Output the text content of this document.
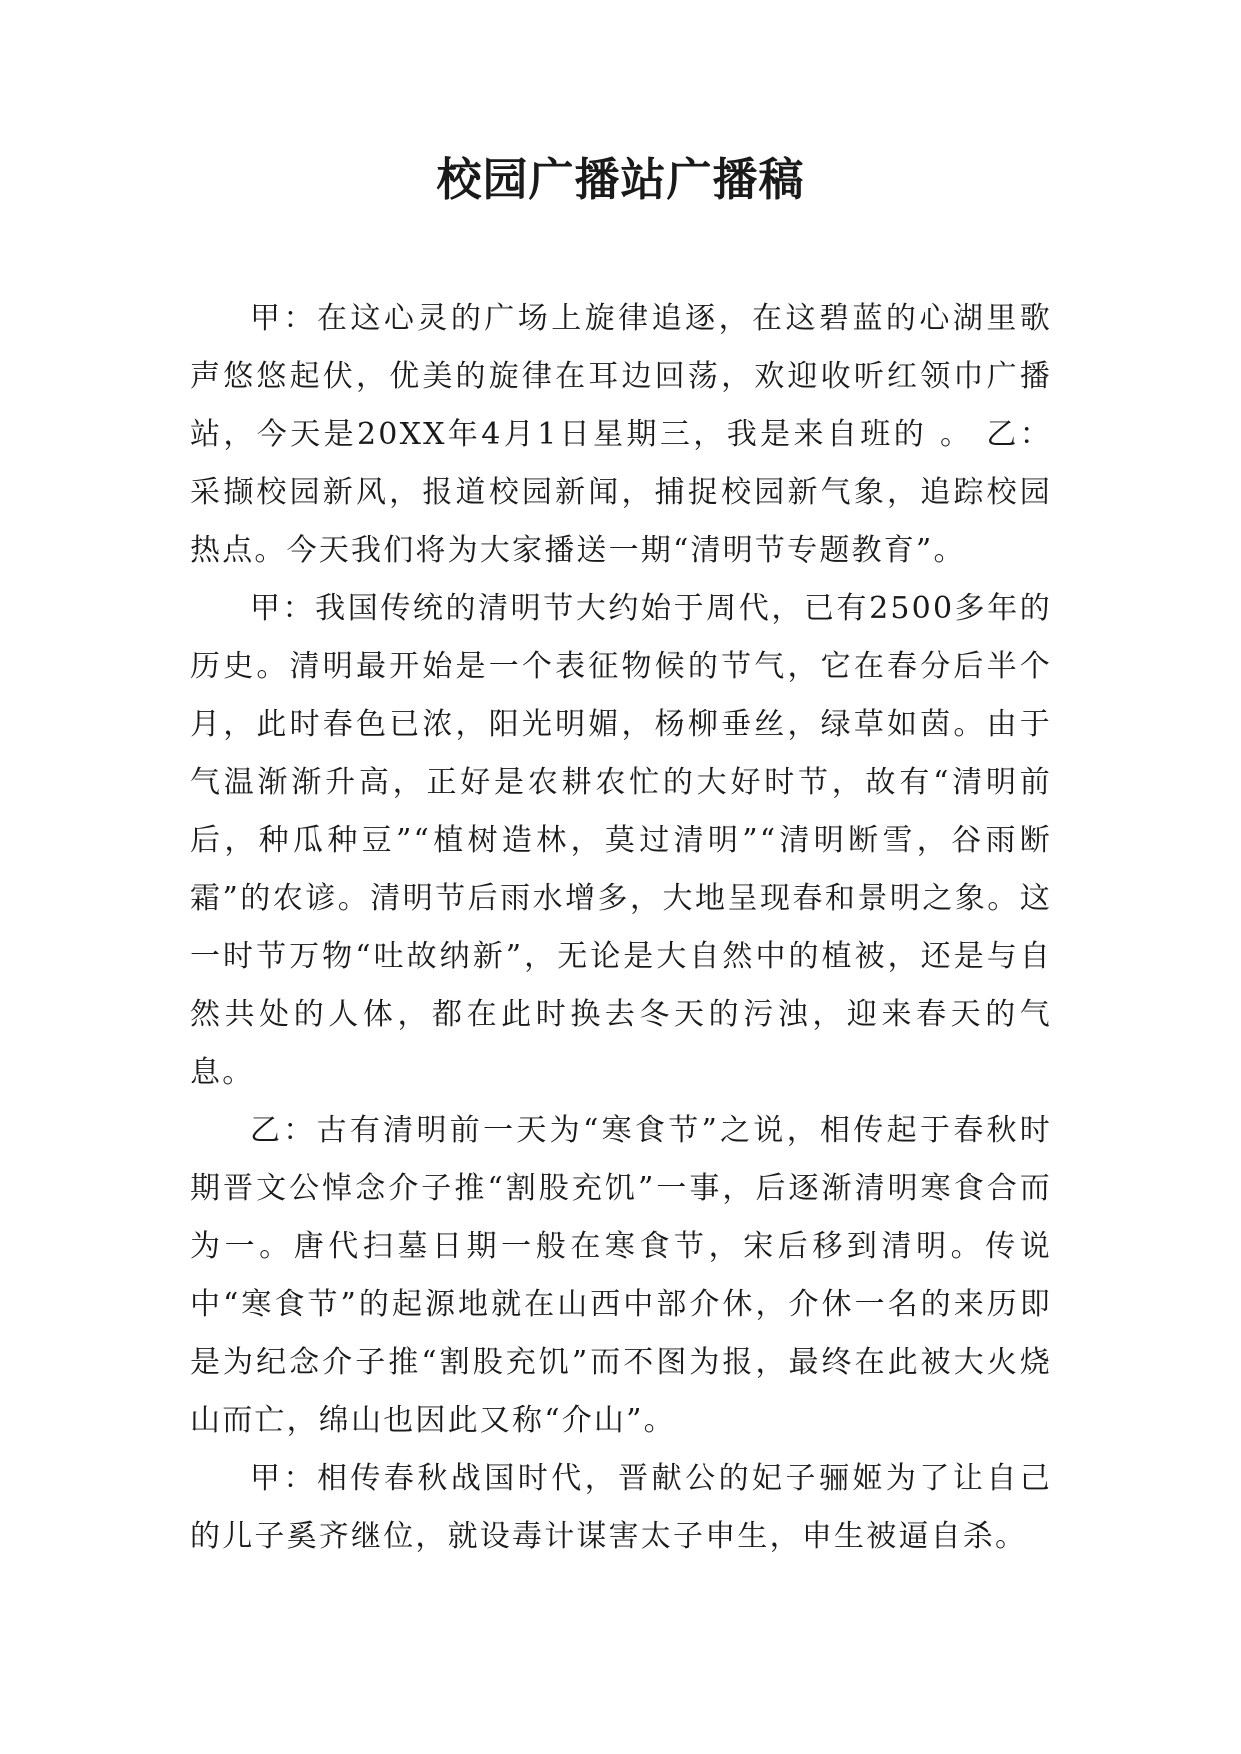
校园广播站广播稿

甲：在这心灵的广场上旋律追逐，在这碧蓝的心湖里歌声悠悠起伏，优美的旋律在耳边回荡，欢迎收听红领巾广播站，今天是20XX年4月1日星期三，我是来自班的 。 乙：采撷校园新风，报道校园新闻，捕捉校园新气象，追踪校园热点。今天我们将为大家播送一期“清明节专题教育”。

甲：我国传统的清明节大约始于周代，已有2500多年的历史。清明最开始是一个表征物候的节气，它在春分后半个月，此时春色已浓，阳光明媚，杨柳垂丝，绿草如茵。由于气温渐渐升高，正好是农耕农忙的大好时节，故有“清明前后，种瓜种豆”“植树造林，莫过清明”“清明断雪，谷雨断霜”的农谚。清明节后雨水增多，大地呈现春和景明之象。这一时节万物“吐故纳新”，无论是大自然中的植被，还是与自然共处的人体，都在此时换去冬天的污浊，迎来春天的气息。

乙：古有清明前一天为“寒食节”之说，相传起于春秋时期晋文公悼念介子推“割股充饥”一事，后逐渐清明寒食合而为一。唐代扫墓日期一般在寒食节，宋后移到清明。传说中“寒食节”的起源地就在山西中部介休，介休一名的来历即是为纪念介子推“割股充饥”而不图为报，最终在此被大火烧山而亡，绵山也因此又称“介山”。

甲：相传春秋战国时代，晋献公的妃子骊姬为了让自己的儿子奚齐继位，就设毒计谋害太子申生，申生被逼自杀。
